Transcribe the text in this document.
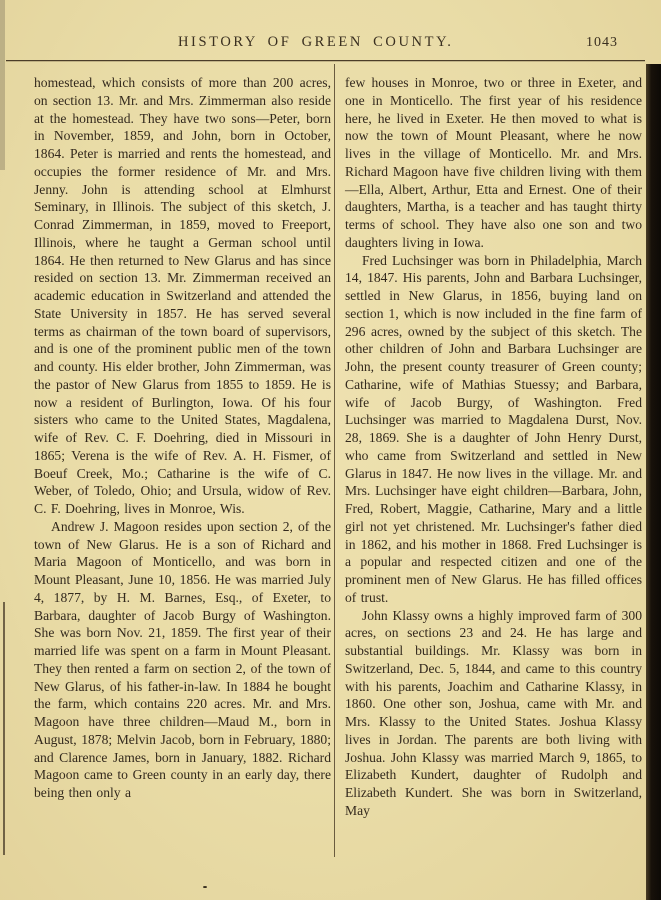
HISTORY OF GREEN COUNTY.	1043

homestead, which consists of more than 200 acres, on section 13. Mr. and Mrs. Zimmerman also reside at the homestead. They have two sons—Peter, born in November, 1859, and John, born in October, 1864. Peter is married and rents the homestead, and occupies the former residence of Mr. and Mrs. Jenny. John is attending school at Elmhurst Seminary, in Illinois. The subject of this sketch, J. Conrad Zimmerman, in 1859, moved to Freeport, Illinois, where he taught a German school until 1864. He then returned to New Glarus and has since resided on section 13. Mr. Zimmerman received an academic education in Switzerland and attended the State University in 1857. He has served several terms as chairman of the town board of supervisors, and is one of the prominent public men of the town and county. His elder brother, John Zimmerman, was the pastor of New Glarus from 1855 to 1859. He is now a resident of Burlington, Iowa. Of his four sisters who came to the United States, Magdalena, wife of Rev. C. F. Doehring, died in Missouri in 1865; Verena is the wife of Rev. A. H. Fismer, of Boeuf Creek, Mo.; Catharine is the wife of C. Weber, of Toledo, Ohio; and Ursula, widow of Rev. C. F. Doehring, lives in Monroe, Wis.

Andrew J. Magoon resides upon section 2, of the town of New Glarus. He is a son of Richard and Maria Magoon of Monticello, and was born in Mount Pleasant, June 10, 1856. He was married July 4, 1877, by H. M. Barnes, Esq., of Exeter, to Barbara, daughter of Jacob Burgy of Washington. She was born Nov. 21, 1859. The first year of their married life was spent on a farm in Mount Pleasant. They then rented a farm on section 2, of the town of New Glarus, of his father-in-law. In 1884 he bought the farm, which contains 220 acres. Mr. and Mrs. Magoon have three children—Maud M., born in August, 1878; Melvin Jacob, born in February, 1880; and Clarence James, born in January, 1882. Richard Magoon came to Green county in an early day, there being then only a

few houses in Monroe, two or three in Exeter, and one in Monticello. The first year of his residence here, he lived in Exeter. He then moved to what is now the town of Mount Pleasant, where he now lives in the village of Monticello. Mr. and Mrs. Richard Magoon have five children living with them—Ella, Albert, Arthur, Etta and Ernest. One of their daughters, Martha, is a teacher and has taught thirty terms of school. They have also one son and two daughters living in Iowa.

Fred Luchsinger was born in Philadelphia, March 14, 1847. His parents, John and Barbara Luchsinger, settled in New Glarus, in 1856, buying land on section 1, which is now included in the fine farm of 296 acres, owned by the subject of this sketch. The other children of John and Barbara Luchsinger are John, the present county treasurer of Green county; Catharine, wife of Mathias Stuessy; and Barbara, wife of Jacob Burgy, of Washington. Fred Luchsinger was married to Magdalena Durst, Nov. 28, 1869. She is a daughter of John Henry Durst, who came from Switzerland and settled in New Glarus in 1847. He now lives in the village. Mr. and Mrs. Luchsinger have eight children—Barbara, John, Fred, Robert, Maggie, Catharine, Mary and a little girl not yet christened. Mr. Luchsinger's father died in 1862, and his mother in 1868. Fred Luchsinger is a popular and respected citizen and one of the prominent men of New Glarus. He has filled offices of trust.

John Klassy owns a highly improved farm of 300 acres, on sections 23 and 24. He has large and substantial buildings. Mr. Klassy was born in Switzerland, Dec. 5, 1844, and came to this country with his parents, Joachim and Catharine Klassy, in 1860. One other son, Joshua, came with Mr. and Mrs. Klassy to the United States. Joshua Klassy lives in Jordan. The parents are both living with Joshua. John Klassy was married March 9, 1865, to Elizabeth Kundert, daughter of Rudolph and Elizabeth Kundert. She was born in Switzerland, May
